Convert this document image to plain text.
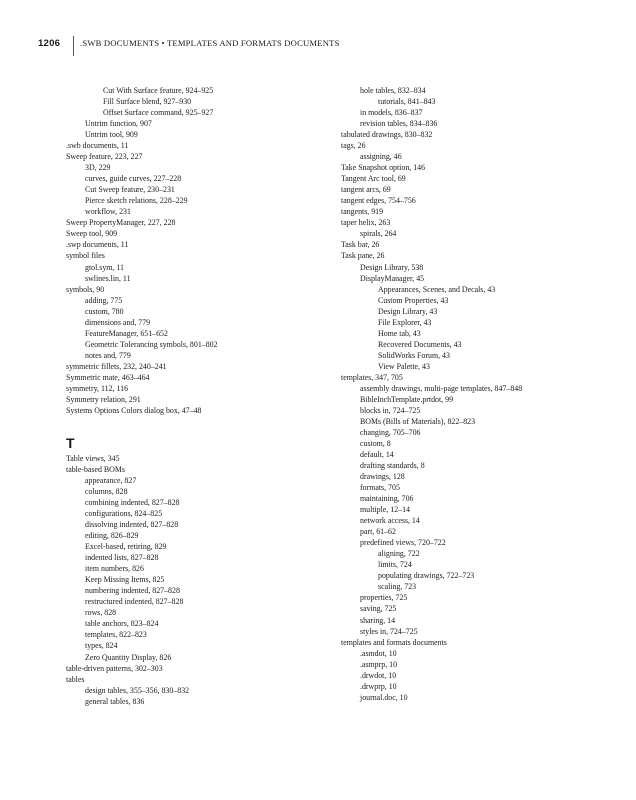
1206 .SWB DOCUMENTS • TEMPLATES AND FORMATS DOCUMENTS
Cut With Surface feature, 924–925
Fill Surface blend, 927–930
Offset Surface command, 925–927
Untrim function, 907
Untrim tool, 909
.swb documents, 11
Sweep feature, 223, 227
3D, 229
curves, guide curves, 227–228
Cut Sweep feature, 230–231
Pierce sketch relations, 228–229
workflow, 231
Sweep PropertyManager, 227, 228
Sweep tool, 909
.swp documents, 11
symbol files
gtol.sym, 11
swlines.lin, 11
symbols, 90
adding, 775
custom, 780
dimensions and, 779
FeatureManager, 651–652
Geometric Tolerancing symbols, 801–802
notes and, 779
symmetric fillets, 232, 240–241
Symmetric mate, 463–464
symmetry, 112, 116
Symmetry relation, 291
Systems Options Colors dialog box, 47–48
T
Table views, 345
table-based BOMs
appearance, 827
columns, 828
combining indented, 827–828
configurations, 824–825
dissolving indented, 827–828
editing, 826–829
Excel-based, retiring, 829
indented lists, 827–828
item numbers, 826
Keep Missing Items, 825
numbering indented, 827–828
restructured indented, 827–828
rows, 828
table anchors, 823–824
templates, 822–823
types, 824
Zero Quantity Display, 826
table-driven patterns, 302–303
tables
design tables, 355–356, 830–832
general tables, 836
hole tables, 832–834
tutorials, 841–843
in models, 836–837
revision tables, 834–836
tabulated drawings, 830–832
tags, 26
assigning, 46
Take Snapshot option, 146
Tangent Arc tool, 69
tangent arcs, 69
tangent edges, 754–756
tangents, 919
taper helix, 263
spirals, 264
Task bar, 26
Task pane, 26
Design Library, 538
DisplayManager, 45
Appearances, Scenes, and Decals, 43
Custom Properties, 43
Design Library, 43
File Explorer, 43
Home tab, 43
Recovered Documents, 43
SolidWorks Forum, 43
View Palette, 43
templates, 347, 705
assembly drawings, multi-page templates, 847–848
BibleInchTemplate.prtdot, 99
blocks in, 724–725
BOMs (Bills of Materials), 822–823
changing, 705–706
custom, 8
default, 14
drafting standards, 8
drawings, 128
formats, 705
maintaining, 706
multiple, 12–14
network access, 14
part, 61–62
predefined views, 720–722
aligning, 722
limits, 724
populating drawings, 722–723
scaling, 723
properties, 725
saving, 725
sharing, 14
styles in, 724–725
templates and formats documents
.asmdot, 10
.asmprp, 10
.drwdot, 10
.drwprp, 10
journal.doc, 10
